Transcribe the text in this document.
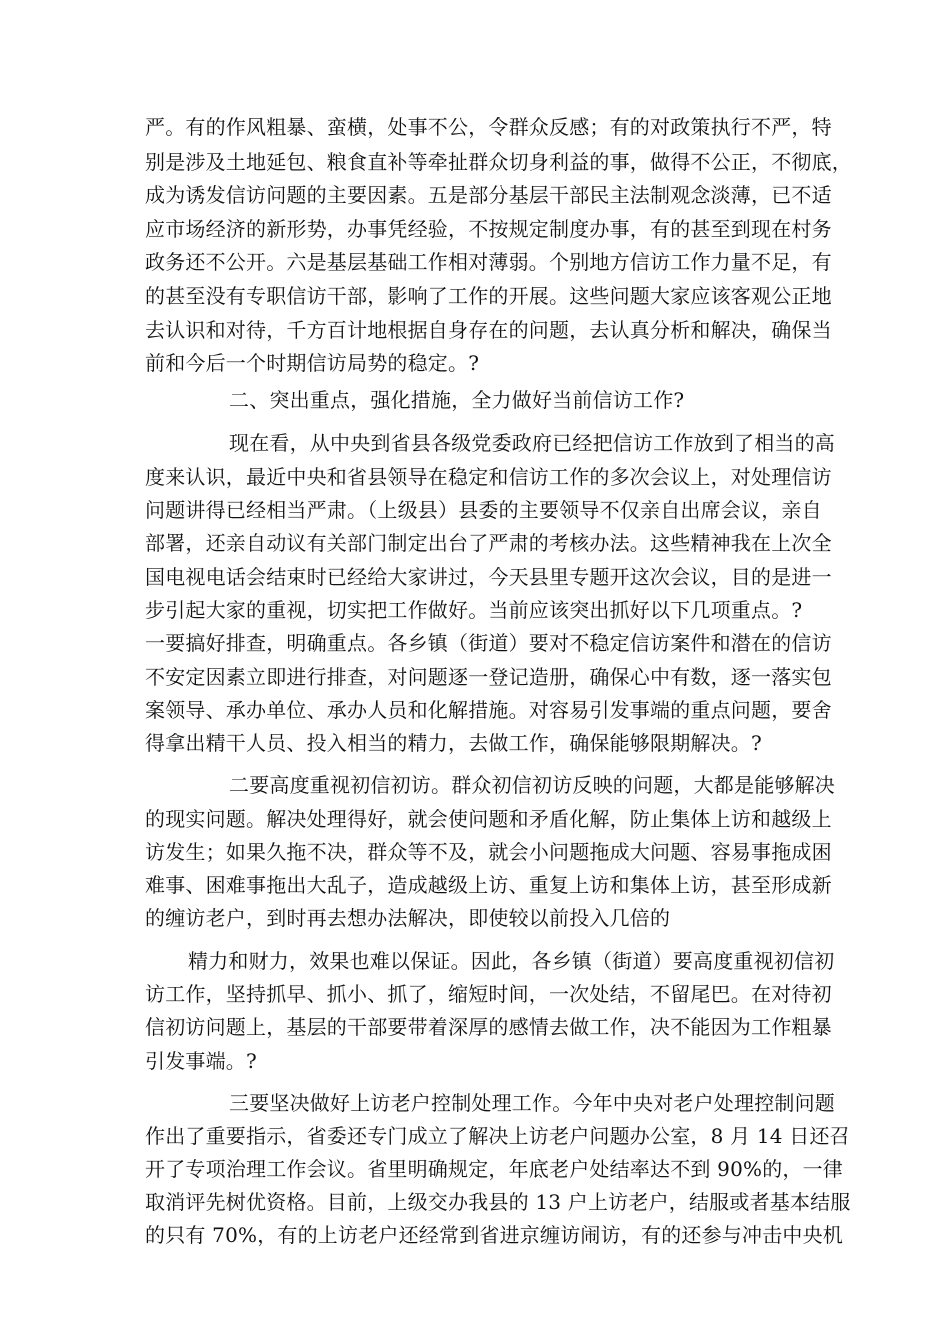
严。有的作风粗暴、蛮横，处事不公，令群众反感；有的对政策执行不严，特
别是涉及土地延包、粮食直补等牵扯群众切身利益的事，做得不公正，不彻底，
成为诱发信访问题的主要因素。五是部分基层干部民主法制观念淡薄，已不适
应市场经济的新形势，办事凭经验，不按规定制度办事，有的甚至到现在村务
政务还不公开。六是基层基础工作相对薄弱。个别地方信访工作力量不足，有
的甚至没有专职信访干部，影响了工作的开展。这些问题大家应该客观公正地
去认识和对待，千方百计地根据自身存在的问题，去认真分析和解决，确保当
前和今后一个时期信访局势的稳定。?
二、突出重点，强化措施，全力做好当前信访工作?
现在看，从中央到省县各级党委政府已经把信访工作放到了相当的高
度来认识，最近中央和省县领导在稳定和信访工作的多次会议上，对处理信访
问题讲得已经相当严肃。（上级县）县委的主要领导不仅亲自出席会议，亲自
部署，还亲自动议有关部门制定出台了严肃的考核办法。这些精神我在上次全
国电视电话会结束时已经给大家讲过，今天县里专题开这次会议，目的是进一
步引起大家的重视，切实把工作做好。当前应该突出抓好以下几项重点。?
一要搞好排查，明确重点。各乡镇（街道）要对不稳定信访案件和潜在的信访
不安定因素立即进行排查，对问题逐一登记造册，确保心中有数，逐一落实包
案领导、承办单位、承办人员和化解措施。对容易引发事端的重点问题，要舍
得拿出精干人员、投入相当的精力，去做工作，确保能够限期解决。?
二要高度重视初信初访。群众初信初访反映的问题，大都是能够解决
的现实问题。解决处理得好，就会使问题和矛盾化解，防止集体上访和越级上
访发生；如果久拖不决，群众等不及，就会小问题拖成大问题、容易事拖成困
难事、困难事拖出大乱子，造成越级上访、重复上访和集体上访，甚至形成新
的缠访老户，到时再去想办法解决，即使较以前投入几倍的
精力和财力，效果也难以保证。因此，各乡镇（街道）要高度重视初信初
访工作，坚持抓早、抓小、抓了，缩短时间，一次处结，不留尾巴。在对待初
信初访问题上，基层的干部要带着深厚的感情去做工作，决不能因为工作粗暴
引发事端。?
三要坚决做好上访老户控制处理工作。今年中央对老户处理控制问题
作出了重要指示，省委还专门成立了解决上访老户问题办公室，8 月 14 日还召
开了专项治理工作会议。省里明确规定，年底老户处结率达不到 90%的，一律
取消评先树优资格。目前，上级交办我县的 13 户上访老户，结服或者基本结服
的只有 70%，有的上访老户还经常到省进京缠访闹访，有的还参与冲击中央机
